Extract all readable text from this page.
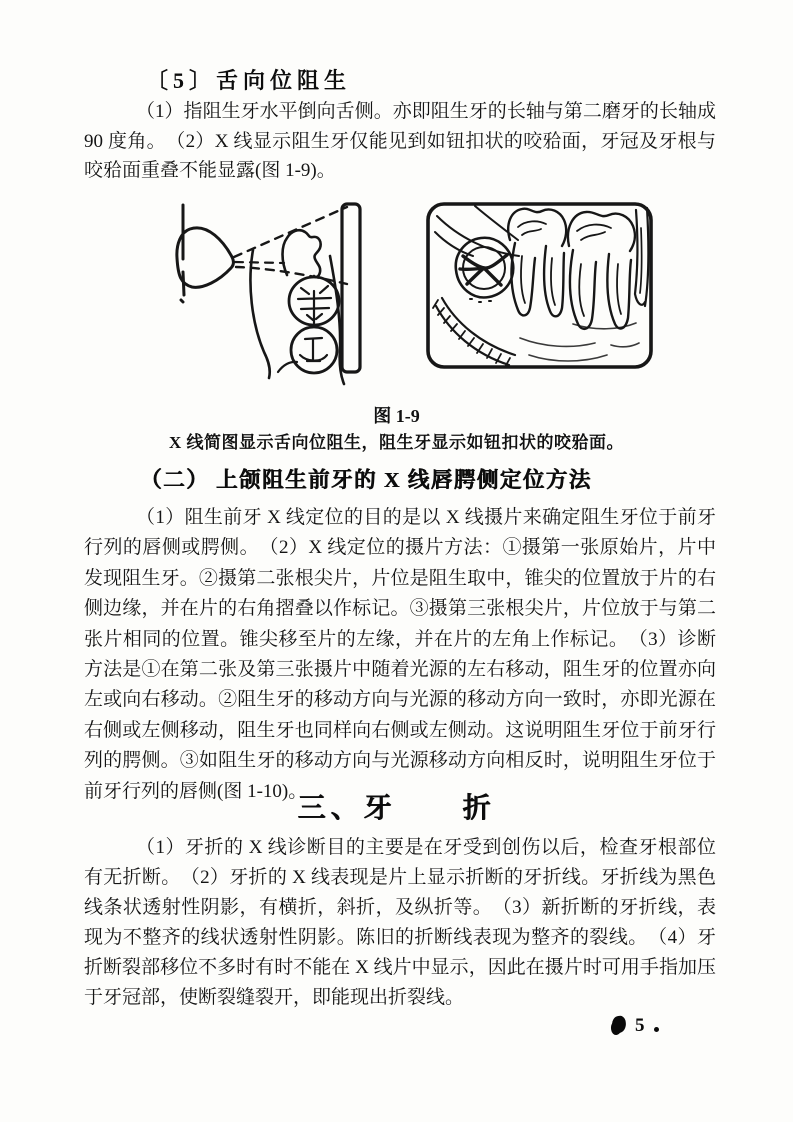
〔5〕舌向位阻生
（1）指阻生牙水平倒向舌侧。亦即阻生牙的长轴与第二磨牙的长轴成 90 度角。　（2）X 线显示阻生牙仅能见到如钮扣状的咬𬌗面，牙冠及牙根与咬𬌗面重叠不能显露(图 1-9)。
图 1-9
X 线简图显示舌向位阻生，阻生牙显示如钮扣状的咬𬌗面。
（二） 上颌阻生前牙的 X 线唇腭侧定位方法
（1）阻生前牙 X 线定位的目的是以 X 线摄片来确定阻生牙位于前牙行列的唇侧或腭侧。　（2）X 线定位的摄片方法：①摄第一张原始片，片中发现阻生牙。②摄第二张根尖片，片位是阻生取中，锥尖的位置放于片的右侧边缘，并在片的右角摺叠以作标记。③摄第三张根尖片，片位放于与第二张片相同的位置。锥尖移至片的左缘，并在片的左角上作标记。　（3）诊断方法是①在第二张及第三张摄片中随着光源的左右移动，阻生牙的位置亦向左或向右移动。②阻生牙的移动方向与光源的移动方向一致时，亦即光源在右侧或左侧移动，阻生牙也同样向右侧或左侧动。这说明阻生牙位于前牙行列的腭侧。③如阻生牙的移动方向与光源移动方向相反时，说明阻生牙位于前牙行列的唇侧(图 1-10)。
三、牙　　折
（1）牙折的 X 线诊断目的主要是在牙受到创伤以后，检查牙根部位有无折断。　（2）牙折的 X 线表现是片上显示折断的牙折线。牙折线为黑色线条状透射性阴影，有横折，斜折，及纵折等。　（3）新折断的牙折线，表现为不整齐的线状透射性阴影。陈旧的折断线表现为整齐的裂线。　（4）牙折断裂部移位不多时有时不能在 X 线片中显示，因此在摄片时可用手指加压于牙冠部，使断裂缝裂开，即能现出折裂线。
5
